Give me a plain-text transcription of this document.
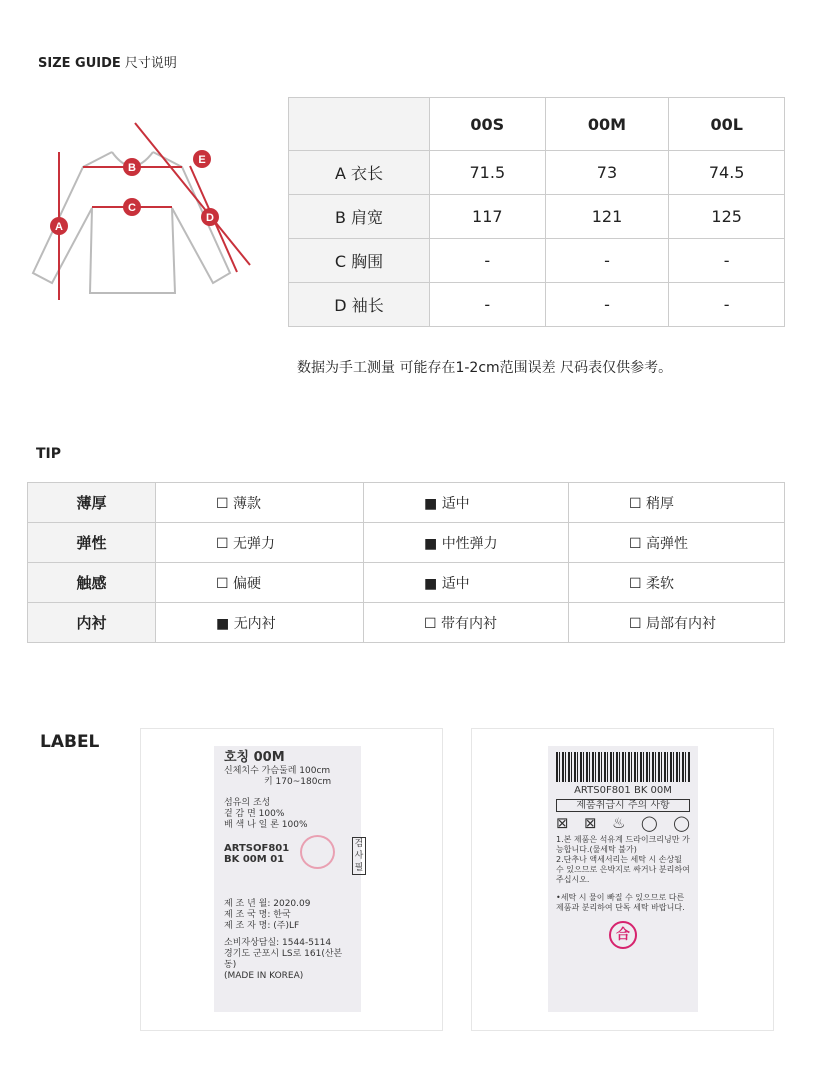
SIZE GUIDE 尺寸说明
A
B
C
D
E
	00S	00M	00L
A 衣长	71.5	73	74.5
B 肩宽	117	121	125
C 胸围	-	-	-
D 袖长	-	-	-
数据为手工测量 可能存在1-2cm范围误差 尺码表仅供参考。
TIP
薄厚	☐ 薄款	■ 适中	☐ 稍厚
弹性	☐ 无弹力	■ 中性弹力	☐ 高弹性
触感	☐ 偏硬	■ 适中	☐ 柔软
内衬	■ 无内衬	☐ 带有内衬	☐ 局部有内衬
LABEL
호칭 00M
신체치수 가슴둘레 100cm
키 170~180cm
섬유의 조성
겉 감 면 100%
배 색 나 일 론 100%
ARTSOF801
BK 00M 01
검사필
제 조 년 월: 2020.09
제 조 국 명: 한국
제 조 자 명: (주)LF
소비자상담실: 1544-5114
경기도 군포시 LS로 161(산본동)
(MADE IN KOREA)
ARTS0F801 BK 00M
제품취급시 주의 사항
⊠ ⊠ ♨ ◯ ◯
1.본 제품은 석유계 드라이크리닝만 가능합니다.(물세탁 불가)
2.단추나 액세서리는 세탁 시 손상될 수 있으므로 은박지로 싸거나 분리하여 주십시오.
•세탁 시 물이 빠질 수 있으므로 다른 제품과 분리하여 단독 세탁 바랍니다.
合
